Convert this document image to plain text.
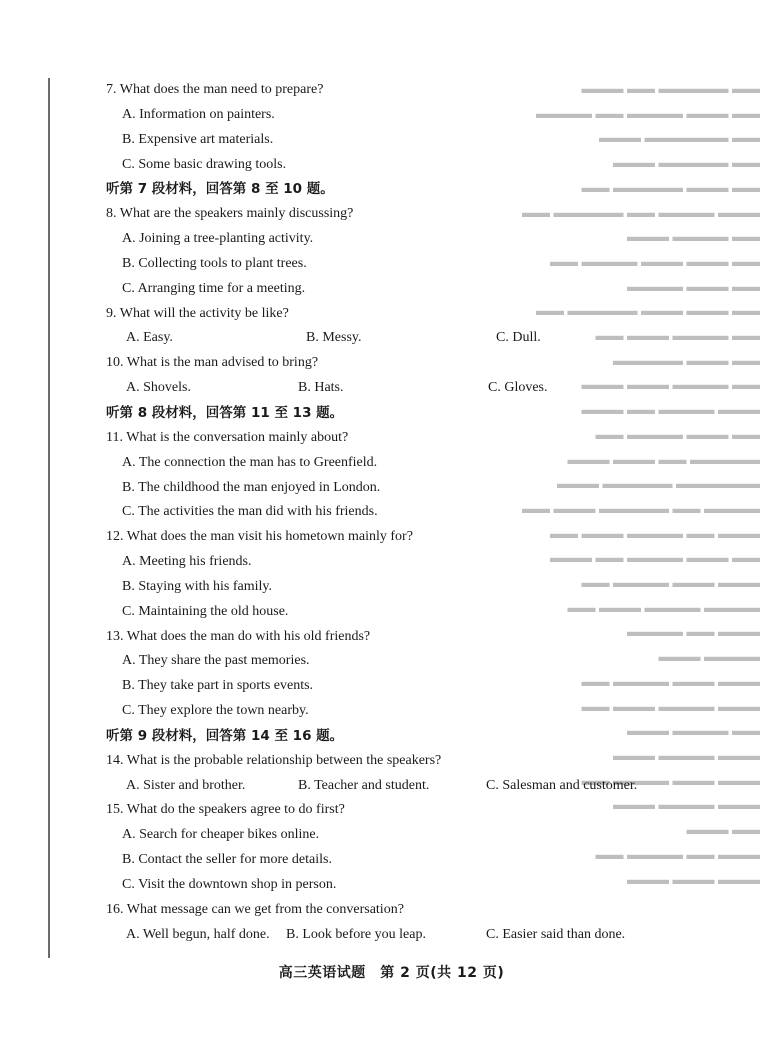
▬▬ ▬▬▬▬▬ ▬▬ ▬▬▬
▬▬ ▬▬▬ ▬▬▬▬ ▬▬ ▬▬▬▬
▬▬ ▬▬▬▬▬▬ ▬▬▬
▬▬ ▬▬▬▬▬ ▬▬▬
▬▬ ▬▬▬ ▬▬▬▬▬ ▬▬
▬▬▬ ▬▬▬▬ ▬▬ ▬▬▬▬▬ ▬▬
▬▬ ▬▬▬▬ ▬▬▬
▬▬ ▬▬▬ ▬▬▬ ▬▬▬▬ ▬▬
▬▬ ▬▬▬ ▬▬▬▬
▬▬ ▬▬▬ ▬▬▬ ▬▬▬▬▬ ▬▬
▬▬ ▬▬▬▬ ▬▬▬ ▬▬
▬▬ ▬▬▬ ▬▬▬▬▬
▬▬ ▬▬▬▬ ▬▬▬ ▬▬▬
▬▬▬ ▬▬▬▬ ▬▬ ▬▬▬
▬▬ ▬▬▬ ▬▬▬▬ ▬▬
▬▬▬▬▬ ▬▬ ▬▬▬ ▬▬▬
▬▬▬▬▬▬ ▬▬▬▬▬ ▬▬▬
▬▬▬▬ ▬▬ ▬▬▬▬▬ ▬▬▬ ▬▬
▬▬▬ ▬▬ ▬▬▬▬ ▬▬▬ ▬▬
▬▬ ▬▬▬ ▬▬▬▬ ▬▬ ▬▬▬
▬▬▬ ▬▬▬ ▬▬▬▬ ▬▬
▬▬▬▬ ▬▬▬▬ ▬▬▬ ▬▬
▬▬▬ ▬▬ ▬▬▬▬
▬▬▬▬ ▬▬▬
▬▬▬ ▬▬▬ ▬▬▬▬ ▬▬
▬▬▬ ▬▬▬▬ ▬▬▬ ▬▬
▬▬ ▬▬▬▬ ▬▬▬
▬▬▬ ▬▬▬▬ ▬▬▬
▬▬▬ ▬▬▬ ▬▬▬▬ ▬▬
▬▬▬ ▬▬▬▬ ▬▬▬
▬▬ ▬▬▬
▬▬▬ ▬▬ ▬▬▬▬ ▬▬
▬▬▬ ▬▬▬ ▬▬▬
7. What does the man need to prepare?
A. Information on painters.
B. Expensive art materials.
C. Some basic drawing tools.
听第 7 段材料，回答第 8 至 10 题。
8. What are the speakers mainly discussing?
A. Joining a tree-planting activity.
B. Collecting tools to plant trees.
C. Arranging time for a meeting.
9. What will the activity be like?
A. Easy.	B. Messy.	C. Dull.
10. What is the man advised to bring?
A. Shovels.	B. Hats.	C. Gloves.
听第 8 段材料，回答第 11 至 13 题。
11. What is the conversation mainly about?
A. The connection the man has to Greenfield.
B. The childhood the man enjoyed in London.
C. The activities the man did with his friends.
12. What does the man visit his hometown mainly for?
A. Meeting his friends.
B. Staying with his family.
C. Maintaining the old house.
13. What does the man do with his old friends?
A. They share the past memories.
B. They take part in sports events.
C. They explore the town nearby.
听第 9 段材料，回答第 14 至 16 题。
14. What is the probable relationship between the speakers?
A. Sister and brother.	B. Teacher and student.	C. Salesman and customer.
15. What do the speakers agree to do first?
A. Search for cheaper bikes online.
B. Contact the seller for more details.
C. Visit the downtown shop in person.
16. What message can we get from the conversation?
A. Well begun, half done.	B. Look before you leap.	C. Easier said than done.
高三英语试题　第 2 页(共 12 页)
